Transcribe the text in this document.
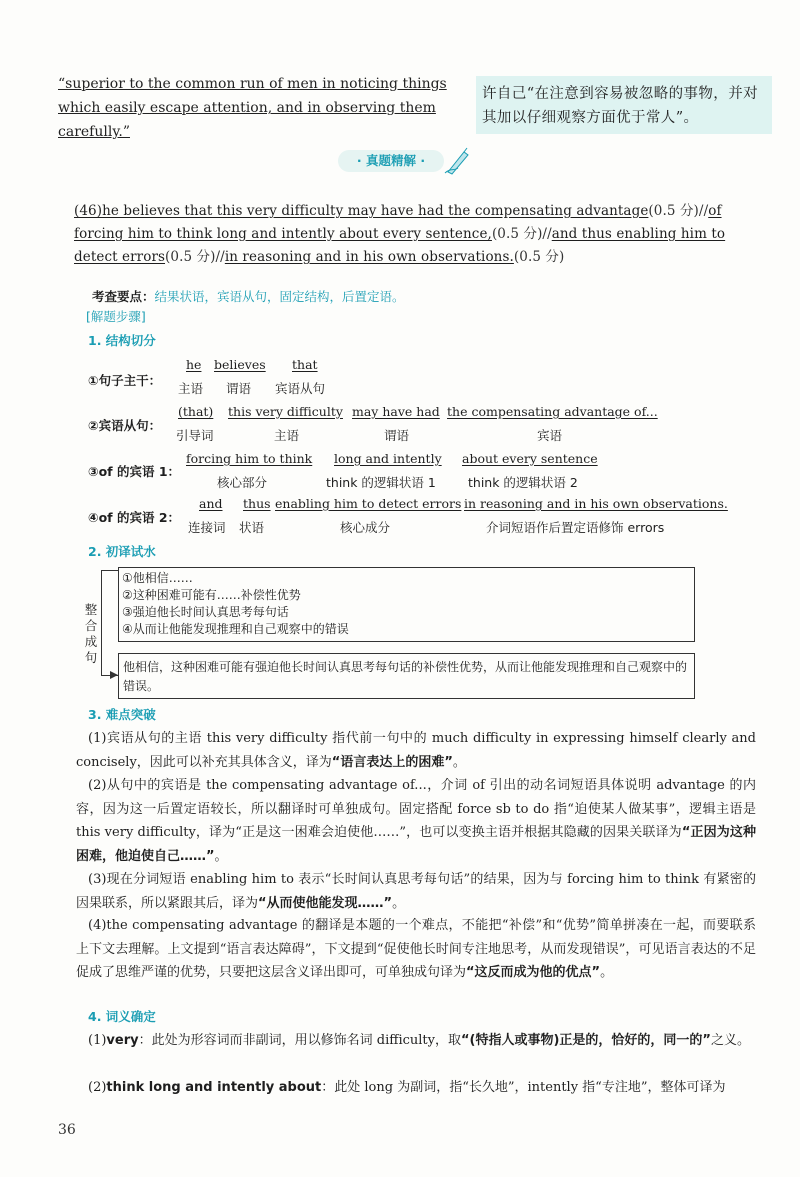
“superior to the common run of men in noticing things which easily escape attention, and in observing them carefully.”
许自己“在注意到容易被忽略的事物，并对其加以仔细观察方面优于常人”。
· 真题精解 ·
(46)he believes that this very difficulty may have had the compensating advantage(0.5 分)//of forcing him to think long and intently about every sentence,(0.5 分)//and thus enabling him to detect errors(0.5 分)//in reasoning and in his own observations.(0.5 分)
考查要点：结果状语，宾语从句，固定结构，后置定语。
[解题步骤]
1. 结构切分
①句子主干：
he
主语
believes
谓语
that
宾语从句
②宾语从句：
(that)
引导词
this very difficulty
主语
may have had
谓语
the compensating advantage of...
宾语
③of 的宾语 1：
forcing him to think
核心部分
long and intently
think 的逻辑状语 1
about every sentence
think 的逻辑状语 2
④of 的宾语 2：
and
连接词
thus
状语
enabling him to detect errors
核心成分
in reasoning and in his own observations.
介词短语作后置定语修饰 errors
2. 初译试水
整合成句
①他相信……
②这种困难可能有……补偿性优势
③强迫他长时间认真思考每句话
④从而让他能发现推理和自己观察中的错误
他相信，这种困难可能有强迫他长时间认真思考每句话的补偿性优势，从而让他能发现推理和自己观察中的错误。
3. 难点突破
(1)宾语从句的主语 this very difficulty 指代前一句中的 much difficulty in expressing himself clearly and concisely，因此可以补充其具体含义，译为“语言表达上的困难”。
(2)从句中的宾语是 the compensating advantage of...，介词 of 引出的动名词短语具体说明 advantage 的内容，因为这一后置定语较长，所以翻译时可单独成句。固定搭配 force sb to do 指“迫使某人做某事”，逻辑主语是 this very difficulty，译为“正是这一困难会迫使他……”，也可以变换主语并根据其隐藏的因果关联译为“正因为这种困难，他迫使自己……”。
(3)现在分词短语 enabling him to 表示“长时间认真思考每句话”的结果，因为与 forcing him to think 有紧密的因果联系，所以紧跟其后，译为“从而使他能发现……”。
(4)the compensating advantage 的翻译是本题的一个难点，不能把“补偿”和“优势”简单拼凑在一起，而要联系上下文去理解。上文提到“语言表达障碍”，下文提到“促使他长时间专注地思考，从而发现错误”，可见语言表达的不足促成了思维严谨的优势，只要把这层含义译出即可，可单独成句译为“这反而成为他的优点”。
4. 词义确定
(1)very：此处为形容词而非副词，用以修饰名词 difficulty，取“(特指人或事物)正是的，恰好的，同一的”之义。
(2)think long and intently about：此处 long 为副词，指“长久地”，intently 指“专注地”，整体可译为
36
